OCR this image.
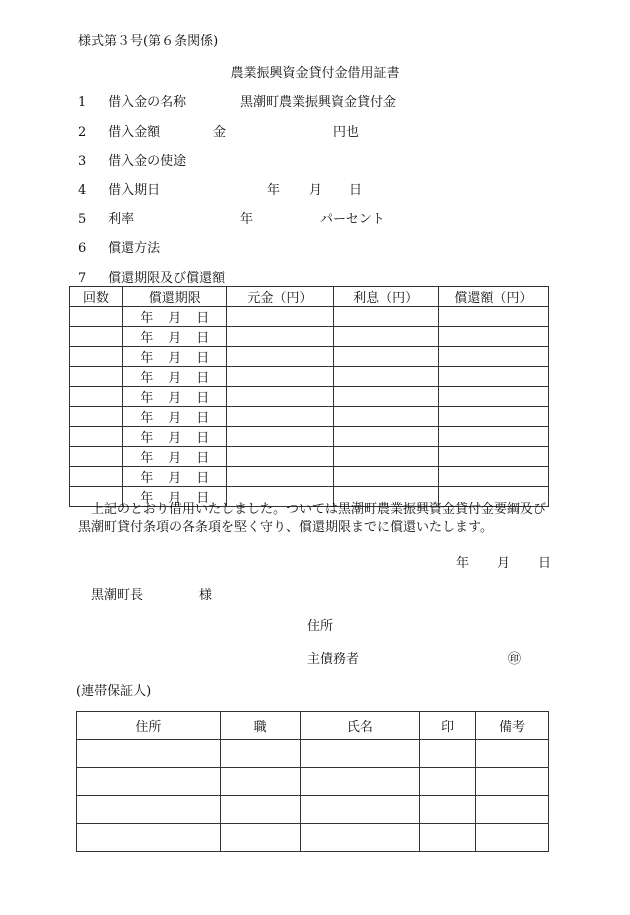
様式第３号(第６条関係)
農業振興資金貸付金借用証書
1 借入金の名称	黒潮町農業振興資金貸付金
2 借入金額	金	円也
3 借入金の使途
4 借入期日	年 月 日
5 利率	年	パーセント
6 償還方法
7 償還期限及び償還額
回数	償還期限	元金（円）	利息（円）	償還額（円）
	年 月 日			
	年 月 日			
	年 月 日			
	年 月 日			
	年 月 日			
	年 月 日			
	年 月 日			
	年 月 日			
	年 月 日			
	年 月 日			
上記のとおり借用いたしました。ついては黒潮町農業振興資金貸付金要綱及び黒潮町貸付条項の各条項を堅く守り、償還期限までに償還いたします。
年 月 日
黒潮町長	様
住所
主債務者	㊞
(連帯保証人)
住所	職	氏名	印	備考
